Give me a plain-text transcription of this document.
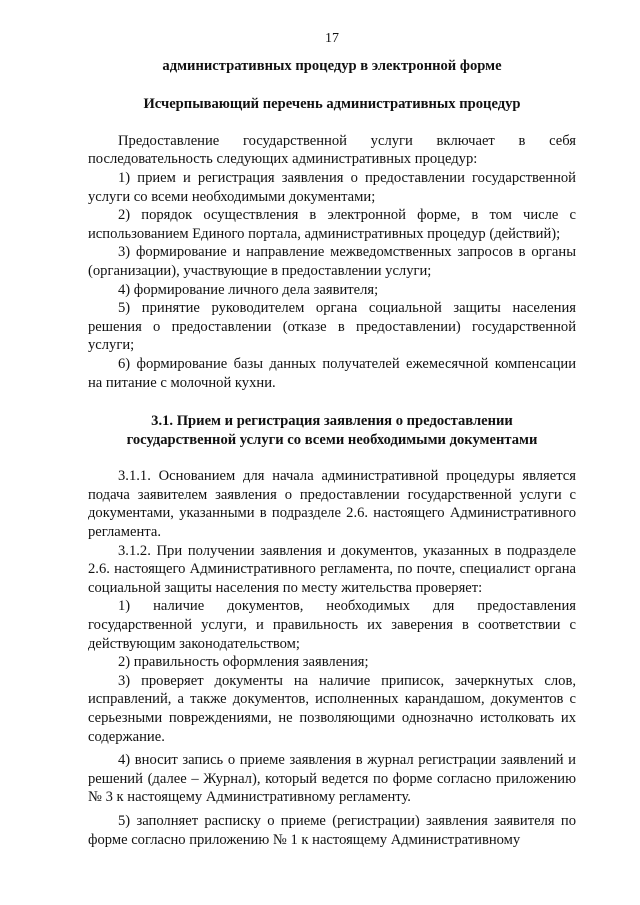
17
административных процедур в электронной форме
Исчерпывающий перечень административных процедур

Предоставление государственной услуги включает в себя последовательность следующих административных процедур:

1) прием и регистрация заявления о предоставлении государственной услуги со всеми необходимыми документами;

2) порядок осуществления в электронной форме, в том числе с использованием Единого портала, административных процедур (действий);

3) формирование и направление межведомственных запросов в органы (организации), участвующие в предоставлении услуги;

4) формирование личного дела заявителя;

5) принятие руководителем органа социальной защиты населения решения о предоставлении (отказе в предоставлении) государственной услуги;

6) формирование базы данных получателей ежемесячной компенсации на питание с молочной кухни.

3.1. Прием и регистрация заявления о предоставлении
государственной услуги со всеми необходимыми документами

3.1.1. Основанием для начала административной процедуры является подача заявителем заявления о предоставлении государственной услуги с документами, указанными в подразделе 2.6. настоящего Административного регламента.

3.1.2. При получении заявления и документов, указанных в подразделе 2.6. настоящего Административного регламента, по почте, специалист органа социальной защиты населения по месту жительства проверяет:

1) наличие документов, необходимых для предоставления государственной услуги, и правильность их заверения в соответствии с действующим законодательством;

2) правильность оформления заявления;

3) проверяет документы на наличие приписок, зачеркнутых слов, исправлений, а также документов, исполненных карандашом, документов с серьезными повреждениями, не позволяющими однозначно истолковать их содержание.

4) вносит запись о приеме заявления в журнал регистрации заявлений и решений (далее – Журнал), который ведется по форме согласно приложению № 3 к настоящему Административному регламенту.

5) заполняет расписку о приеме (регистрации) заявления заявителя по форме согласно приложению № 1 к настоящему Административному
